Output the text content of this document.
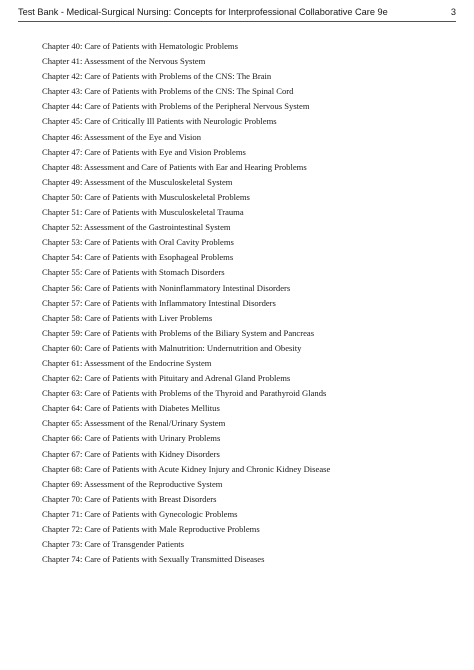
Test Bank - Medical-Surgical Nursing: Concepts for Interprofessional Collaborative Care 9e	3
Chapter 40: Care of Patients with Hematologic Problems
Chapter 41: Assessment of the Nervous System
Chapter 42: Care of Patients with Problems of the CNS: The Brain
Chapter 43: Care of Patients with Problems of the CNS: The Spinal Cord
Chapter 44: Care of Patients with Problems of the Peripheral Nervous System
Chapter 45: Care of Critically Ill Patients with Neurologic Problems
Chapter 46: Assessment of the Eye and Vision
Chapter 47: Care of Patients with Eye and Vision Problems
Chapter 48: Assessment and Care of Patients with Ear and Hearing Problems
Chapter 49: Assessment of the Musculoskeletal System
Chapter 50: Care of Patients with Musculoskeletal Problems
Chapter 51: Care of Patients with Musculoskeletal Trauma
Chapter 52: Assessment of the Gastrointestinal System
Chapter 53: Care of Patients with Oral Cavity Problems
Chapter 54: Care of Patients with Esophageal Problems
Chapter 55: Care of Patients with Stomach Disorders
Chapter 56: Care of Patients with Noninflammatory Intestinal Disorders
Chapter 57: Care of Patients with Inflammatory Intestinal Disorders
Chapter 58: Care of Patients with Liver Problems
Chapter 59: Care of Patients with Problems of the Biliary System and Pancreas
Chapter 60: Care of Patients with Malnutrition: Undernutrition and Obesity
Chapter 61: Assessment of the Endocrine System
Chapter 62: Care of Patients with Pituitary and Adrenal Gland Problems
Chapter 63: Care of Patients with Problems of the Thyroid and Parathyroid Glands
Chapter 64: Care of Patients with Diabetes Mellitus
Chapter 65: Assessment of the Renal/Urinary System
Chapter 66: Care of Patients with Urinary Problems
Chapter 67: Care of Patients with Kidney Disorders
Chapter 68: Care of Patients with Acute Kidney Injury and Chronic Kidney Disease
Chapter 69: Assessment of the Reproductive System
Chapter 70: Care of Patients with Breast Disorders
Chapter 71: Care of Patients with Gynecologic Problems
Chapter 72: Care of Patients with Male Reproductive Problems
Chapter 73: Care of Transgender Patients
Chapter 74: Care of Patients with Sexually Transmitted Diseases
